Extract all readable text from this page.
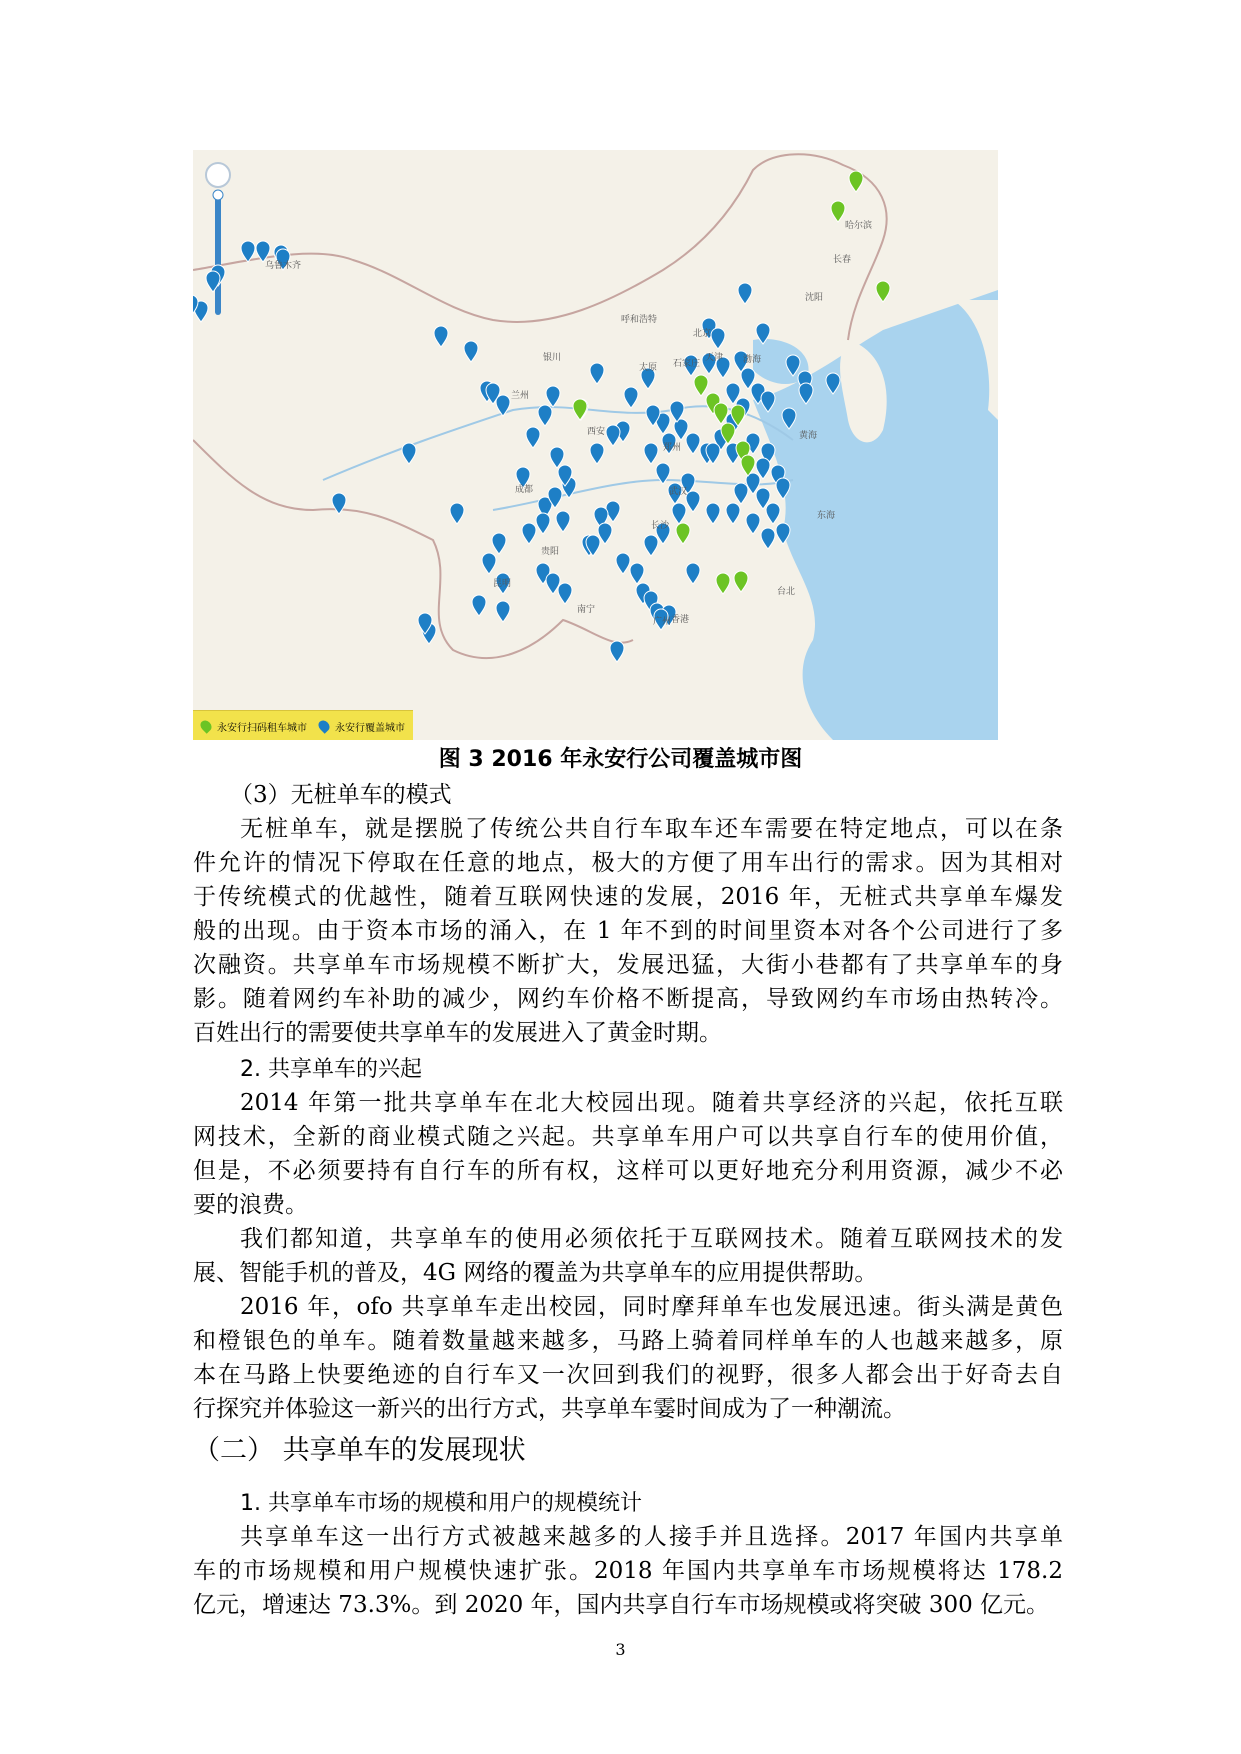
哈尔滨
长春
沈阳
乌鲁木齐
呼和浩特
北京
天津 渤海
银川
太原 石家庄
兰州
西安
郑州
黄海
武汉
东海
成都
长沙
贵阳
昆明
南宁
广州 香港
台北
永安行扫码租车城市	永安行覆盖城市
图 3 2016 年永安行公司覆盖城市图
（3）无桩单车的模式
无桩单车，就是摆脱了传统公共自行车取车还车需要在特定地点，可以在条
件允许的情况下停取在任意的地点，极大的方便了用车出行的需求。因为其相对
于传统模式的优越性，随着互联网快速的发展，2016 年，无桩式共享单车爆发
般的出现。由于资本市场的涌入，在 1 年不到的时间里资本对各个公司进行了多
次融资。共享单车市场规模不断扩大，发展迅猛，大街小巷都有了共享单车的身
影。随着网约车补助的减少，网约车价格不断提高，导致网约车市场由热转冷。
百姓出行的需要使共享单车的发展进入了黄金时期。
2. 共享单车的兴起
2014 年第一批共享单车在北大校园出现。随着共享经济的兴起，依托互联
网技术，全新的商业模式随之兴起。共享单车用户可以共享自行车的使用价值，
但是，不必须要持有自行车的所有权，这样可以更好地充分利用资源，减少不必
要的浪费。
我们都知道，共享单车的使用必须依托于互联网技术。随着互联网技术的发
展、智能手机的普及，4G 网络的覆盖为共享单车的应用提供帮助。
2016 年，ofo 共享单车走出校园，同时摩拜单车也发展迅速。街头满是黄色
和橙银色的单车。随着数量越来越多，马路上骑着同样单车的人也越来越多，原
本在马路上快要绝迹的自行车又一次回到我们的视野，很多人都会出于好奇去自
行探究并体验这一新兴的出行方式，共享单车霎时间成为了一种潮流。
（二） 共享单车的发展现状
1. 共享单车市场的规模和用户的规模统计
共享单车这一出行方式被越来越多的人接手并且选择。2017 年国内共享单
车的市场规模和用户规模快速扩张。2018 年国内共享单车市场规模将达 178.2
亿元，增速达 73.3%。到 2020 年，国内共享自行车市场规模或将突破 300 亿元。
3
